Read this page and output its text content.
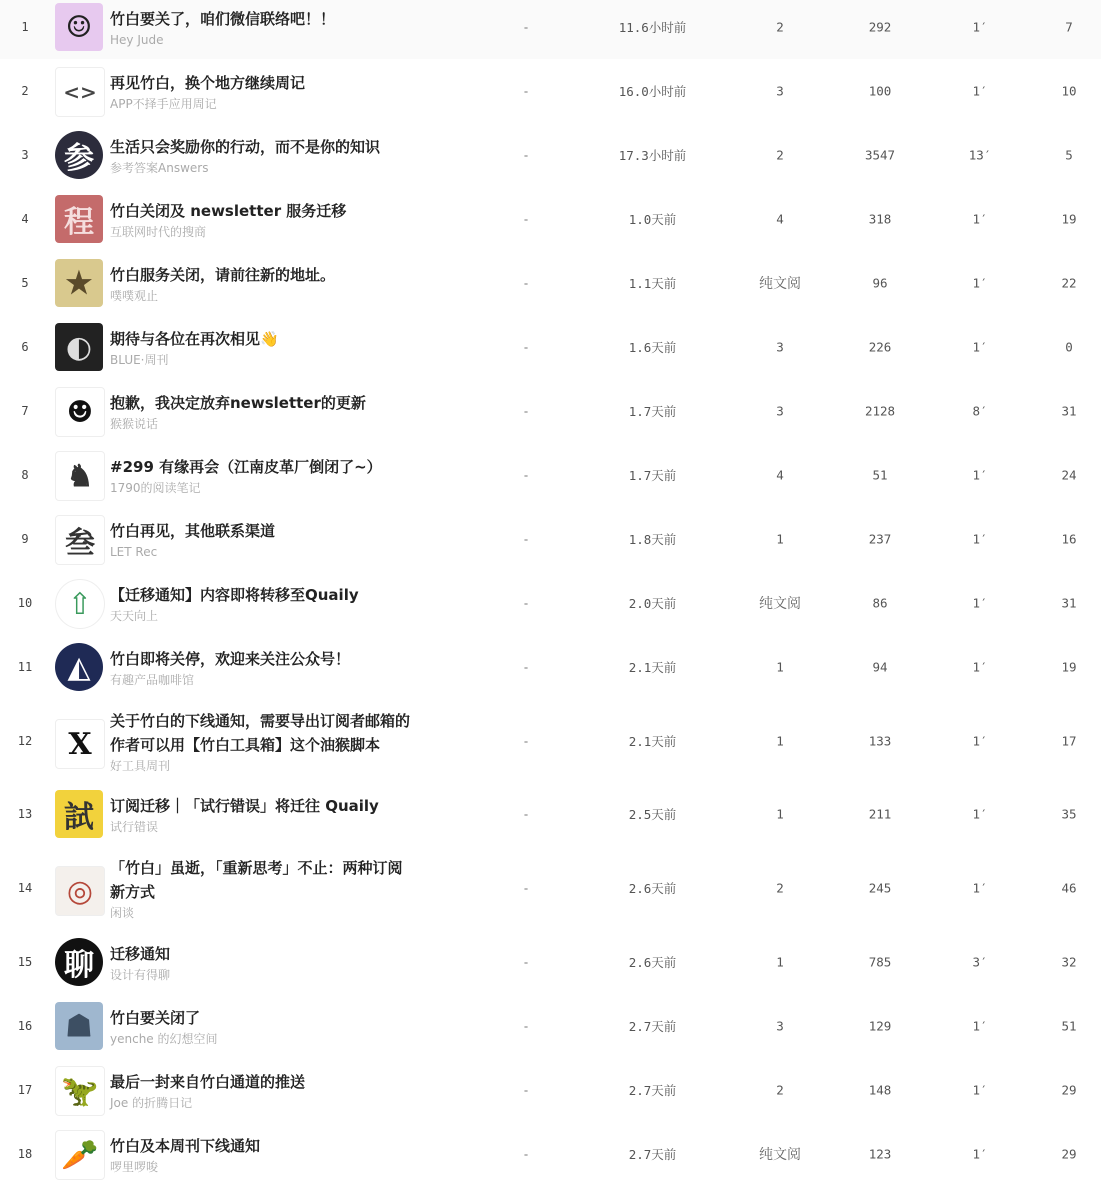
1 ☺ 竹白要关了，咱们微信联络吧！！
Hey Jude
-	11.6小时前	2	292	1′	7
2 <> 再见竹白，换个地方继续周记
APP不择手应用周记
-	16.0小时前	3	100	1′	10
3 参 生活只会奖励你的行动，而不是你的知识
参考答案Answers
-	17.3小时前	2	3547	13′	5
4 程 竹白关闭及 newsletter 服务迁移
互联网时代的搜商
-	1.0天前	4	318	1′	19
5 ★ 竹白服务关闭，请前往新的地址。
噗噗观止
-	1.1天前	纯文阅	96	1′	22
6 ◐ 期待与各位在再次相见👋
BLUE·周刊
-	1.6天前	3	226	1′	0
7 ☻ 抱歉，我决定放弃newsletter的更新
猴猴说话
-	1.7天前	3	2128	8′	31
8 ♞ #299 有缘再会（江南皮革厂倒闭了~）
1790的阅读笔记
-	1.7天前	4	51	1′	24
9 叁 竹白再见，其他联系渠道
LET Rec
-	1.8天前	1	237	1′	16
10 ⇧ 【迁移通知】内容即将转移至Quaily
天天向上
-	2.0天前	纯文阅	86	1′	31
11 ◭ 竹白即将关停，欢迎来关注公众号！
有趣产品咖啡馆
-	2.1天前	1	94	1′	19
12 X
关于竹白的下线通知，需要导出订阅者邮箱的
作者可以用【竹白工具箱】这个油猴脚本
好工具周刊
-	2.1天前	1	133	1′	17
13 試 订阅迁移｜「试行错误」将迁往 Quaily
试行错误
-	2.5天前	1	211	1′	35
14 ◎
「竹白」虽逝，「重新思考」不止：两种订阅
新方式
闲谈
-	2.6天前	2	245	1′	46
15 聊 迁移通知
设计有得聊
-	2.6天前	1	785	3′	32
16 ☗ 竹白要关闭了
yenche 的幻想空间
-	2.7天前	3	129	1′	51
17 🦖 最后一封来自竹白通道的推送
Joe 的折腾日记
-	2.7天前	2	148	1′	29
18 🥕 竹白及本周刊下线通知
啰里啰唆
-	2.7天前	纯文阅	123	1′	29
